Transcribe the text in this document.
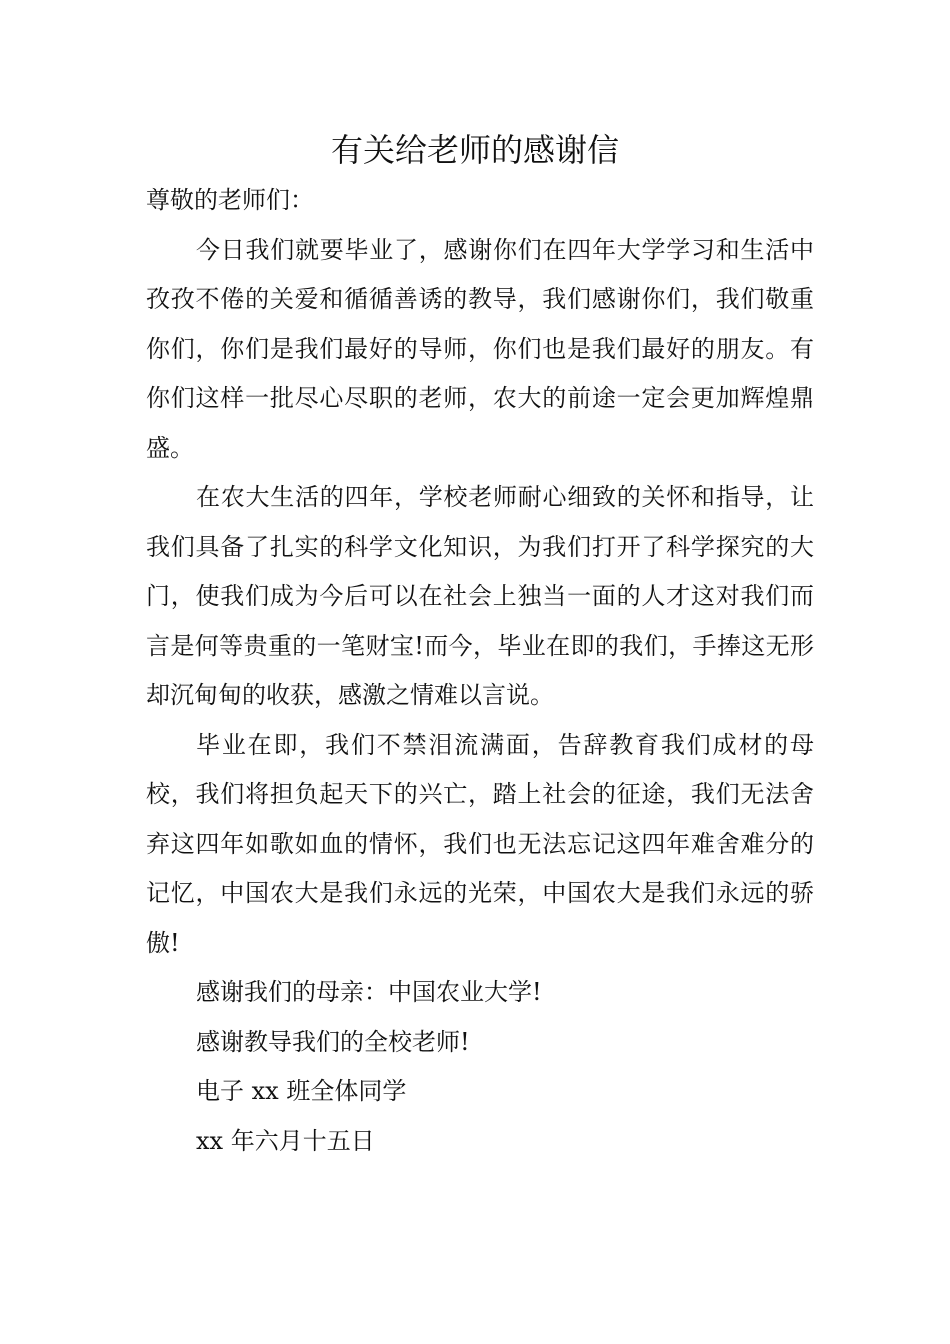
有关给老师的感谢信

尊敬的老师们：

今日我们就要毕业了，感谢你们在四年大学学习和生活中孜孜不倦的关爱和循循善诱的教导，我们感谢你们，我们敬重你们，你们是我们最好的导师，你们也是我们最好的朋友。有你们这样一批尽心尽职的老师，农大的前途一定会更加辉煌鼎盛。

在农大生活的四年，学校老师耐心细致的关怀和指导，让我们具备了扎实的科学文化知识，为我们打开了科学探究的大门，使我们成为今后可以在社会上独当一面的人才这对我们而言是何等贵重的一笔财宝!而今，毕业在即的我们，手捧这无形却沉甸甸的收获，感激之情难以言说。

毕业在即，我们不禁泪流满面，告辞教育我们成材的母校，我们将担负起天下的兴亡，踏上社会的征途，我们无法舍弃这四年如歌如血的情怀，我们也无法忘记这四年难舍难分的记忆，中国农大是我们永远的光荣，中国农大是我们永远的骄傲!

感谢我们的母亲：中国农业大学!

感谢教导我们的全校老师!

电子 xx 班全体同学

xx 年六月十五日
